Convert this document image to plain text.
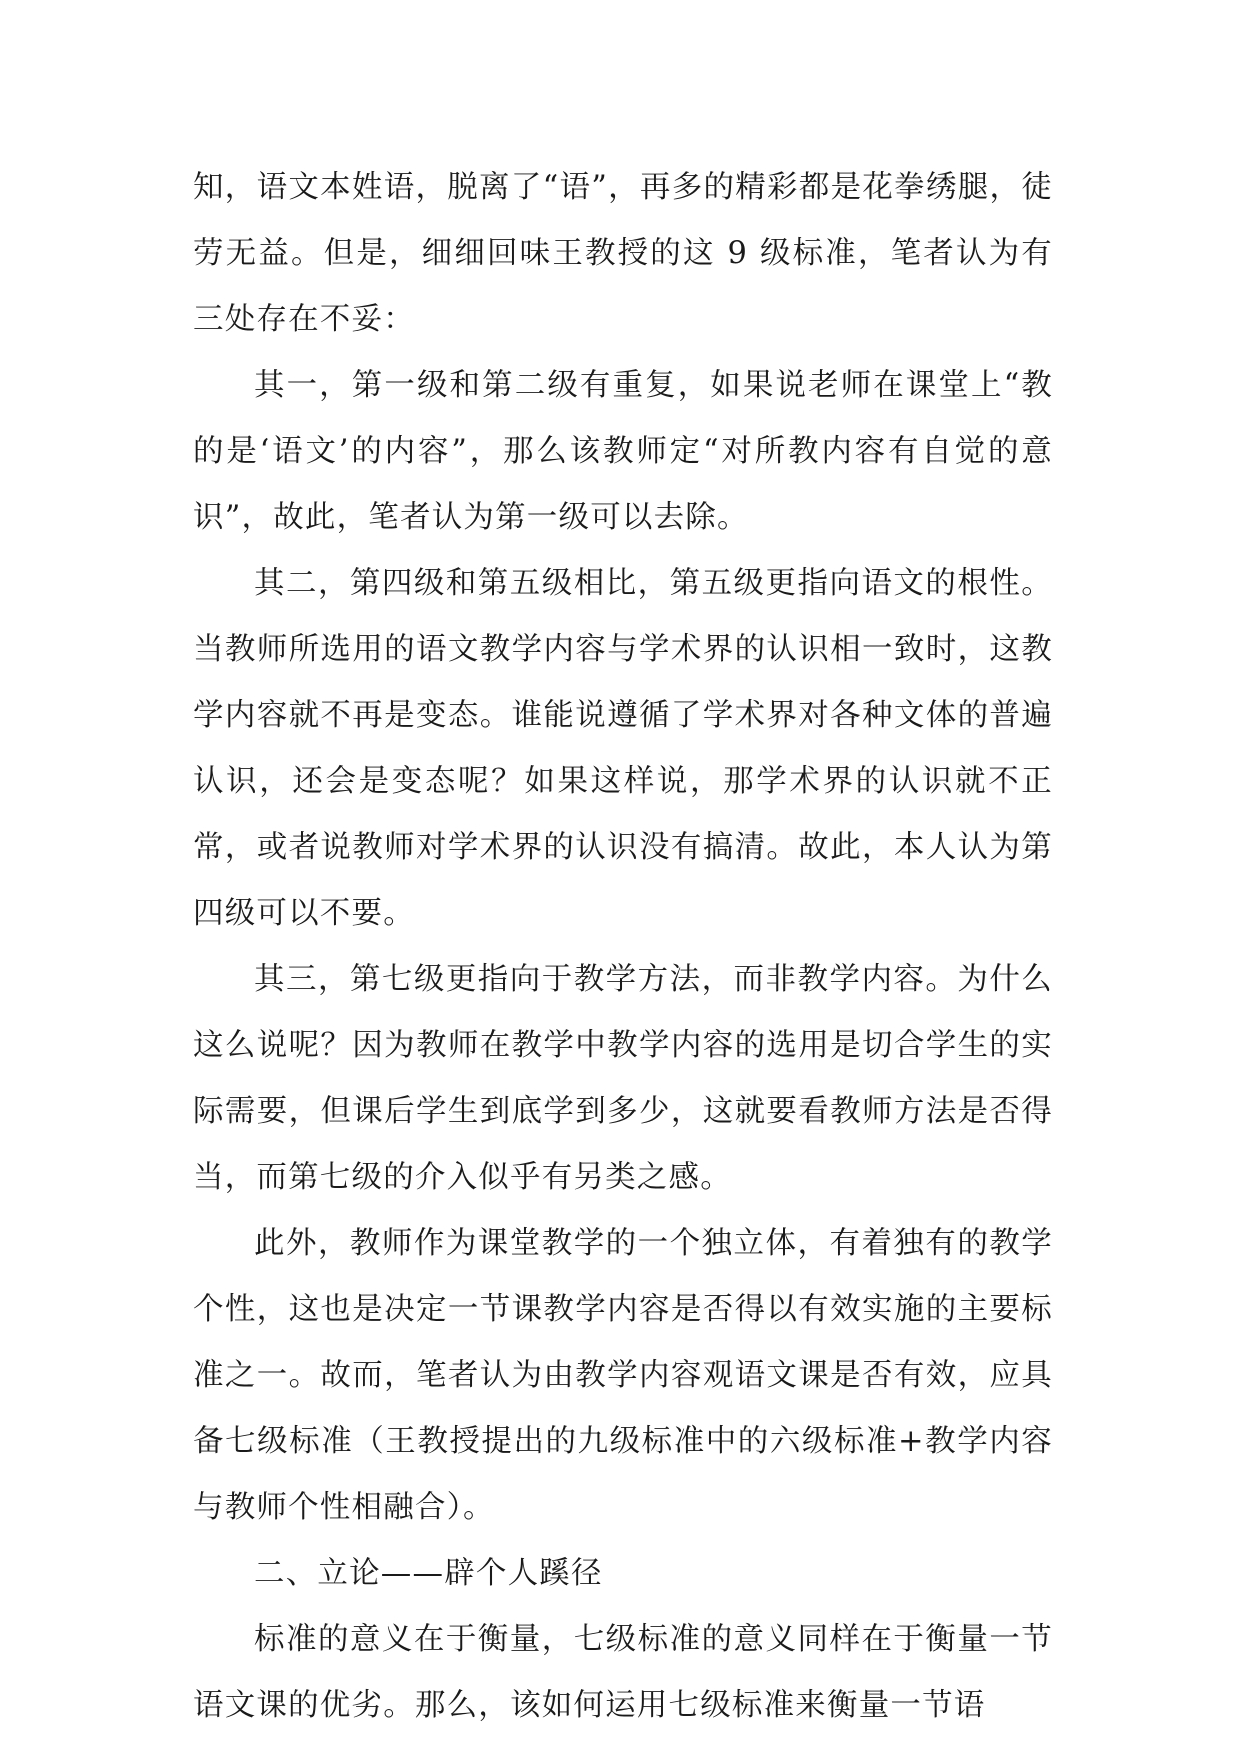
知，语文本姓语，脱离了“语”，再多的精彩都是花拳绣腿，徒劳无益。但是，细细回味王教授的这 9 级标准，笔者认为有三处存在不妥：

其一，第一级和第二级有重复，如果说老师在课堂上“教的是‘语文’的内容”，那么该教师定“对所教内容有自觉的意识”，故此，笔者认为第一级可以去除。

其二，第四级和第五级相比，第五级更指向语文的根性。当教师所选用的语文教学内容与学术界的认识相一致时，这教学内容就不再是变态。谁能说遵循了学术界对各种文体的普遍认识，还会是变态呢？如果这样说，那学术界的认识就不正常，或者说教师对学术界的认识没有搞清。故此，本人认为第四级可以不要。

其三，第七级更指向于教学方法，而非教学内容。为什么这么说呢？因为教师在教学中教学内容的选用是切合学生的实际需要，但课后学生到底学到多少，这就要看教师方法是否得当，而第七级的介入似乎有另类之感。

此外，教师作为课堂教学的一个独立体，有着独有的教学个性，这也是决定一节课教学内容是否得以有效实施的主要标准之一。故而，笔者认为由教学内容观语文课是否有效，应具备七级标准（王教授提出的九级标准中的六级标准+教学内容与教师个性相融合）。

二、立论——辟个人蹊径

标准的意义在于衡量，七级标准的意义同样在于衡量一节语文课的优劣。那么，该如何运用七级标准来衡量一节语
